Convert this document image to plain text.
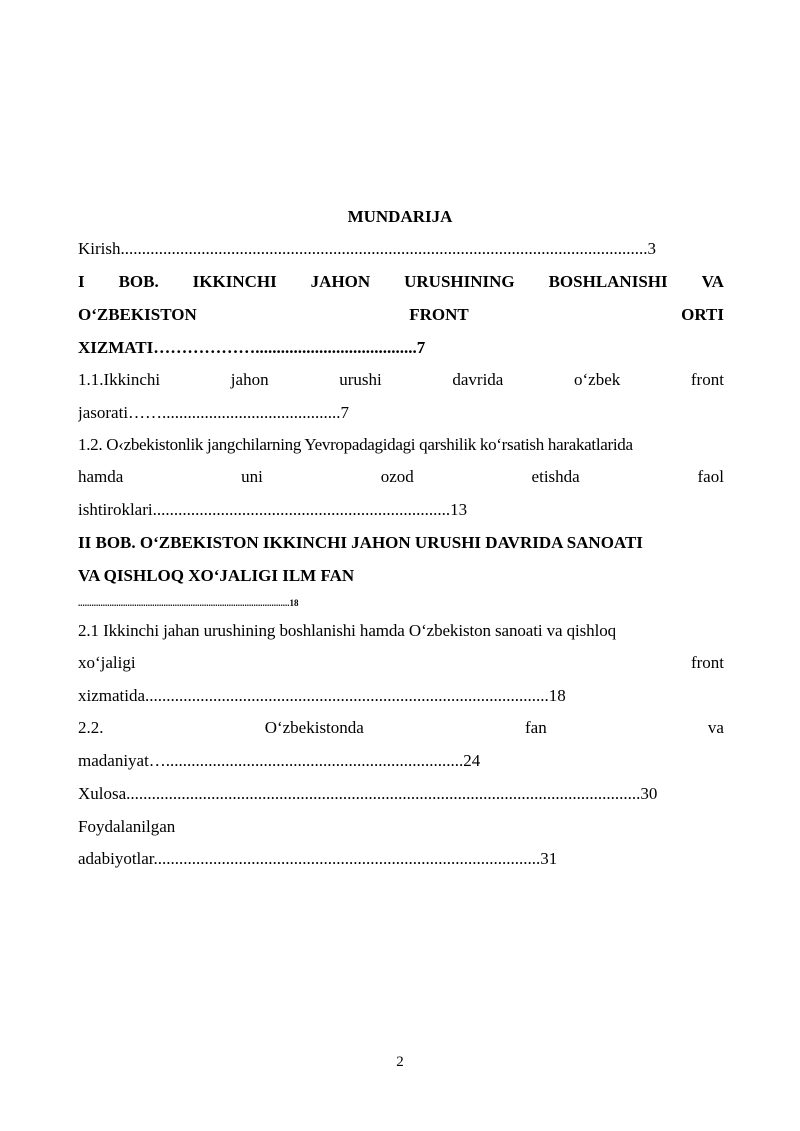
MUNDARIJA
Kirish............................................................................................................................3
I BOB. IKKINCHI JAHON URUSHINING BOSHLANISHI VA
O‘ZBEKISTON	FRONT	ORTI
XIZMATI………………......................................7
1.1.Ikkinchi	jahon	urushi	davrida	o‘zbek	front
jasorati……..........................................7
1.2. O‹zbekistonlik jangchilarning Yevropadagidagi qarshilik ko‘rsatish harakatlarida
hamda	uni	ozod	etishda	faol
ishtiroklari......................................................................13
II BOB. O‘ZBEKISTON IKKINCHI JAHON URUSHI DAVRIDA SANOATI
VA QISHLOQ XO‘JALIGI ILM FAN
..............................................................................................18
2.1 Ikkinchi jahan urushining boshlanishi hamda O‘zbekiston sanoati va qishloq
xo‘jaligi	front
xizmatida...............................................................................................18
2.2.	O‘zbekistonda	fan	va
madaniyat…......................................................................24
Xulosa.........................................................................................................................30
Foydalanilgan
adabiyotlar...........................................................................................31
2
